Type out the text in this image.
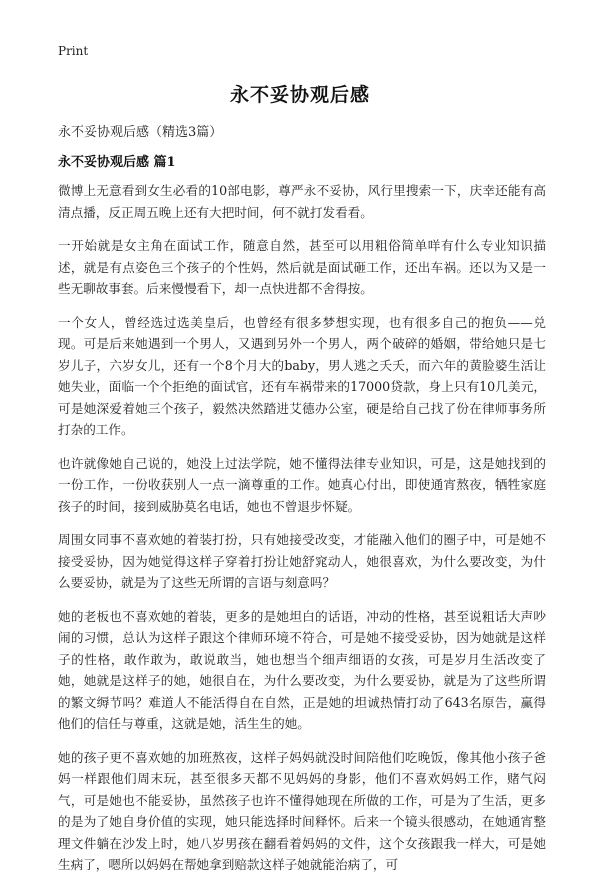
Print
永不妥协观后感
永不妥协观后感（精选3篇）
永不妥协观后感 篇1

微博上无意看到女生必看的10部电影，尊严永不妥协，风行里搜索一下，庆幸还能有高清点播，反正周五晚上还有大把时间，何不就打发看看。

一开始就是女主角在面试工作，随意自然，甚至可以用粗俗简单咩有什么专业知识描述，就是有点姿色三个孩子的个性妈，然后就是面试砸工作，还出车祸。还以为又是一些无聊故事套。后来慢慢看下，却一点快进都不舍得按。

一个女人，曾经选过选美皇后，也曾经有很多梦想实现，也有很多自己的抱负——兑现。可是后来她遇到一个男人，又遇到另外一个男人，两个破碎的婚姻，带给她只是七岁儿子，六岁女儿，还有一个8个月大的baby，男人逃之夭夭，而六年的黄脸婆生活让她失业，面临一个个拒绝的面试官，还有车祸带来的17000贷款，身上只有10几美元，可是她深爱着她三个孩子，毅然决然踏进艾德办公室，硬是给自己找了份在律师事务所打杂的工作。

也许就像她自己说的，她没上过法学院，她不懂得法律专业知识，可是，这是她找到的一份工作，一份收获别人一点一滴尊重的工作。她真心付出，即使通宵熬夜，牺牲家庭孩子的时间，接到威胁莫名电话，她也不曾退步怀疑。

周围女同事不喜欢她的着装打扮，只有她接受改变，才能融入他们的圈子中，可是她不接受妥协，因为她觉得这样子穿着打扮让她舒窕动人，她很喜欢，为什么要改变，为什么要妥协，就是为了这些无所谓的言语与刻意吗？

她的老板也不喜欢她的着装，更多的是她坦白的话语，冲动的性格，甚至说粗话大声吵闹的习惯，总认为这样子跟这个律师环境不符合，可是她不接受妥协，因为她就是这样子的性格，敢作敢为，敢说敢当，她也想当个细声细语的女孩，可是岁月生活改变了她，她就是这样子的她，她很自在，为什么要改变，为什么要妥协，就是为了这些所谓的繁文缛节吗？难道人不能活得自在自然，正是她的坦诚热情打动了643名原告，赢得他们的信任与尊重，这就是她，活生生的她。

她的孩子更不喜欢她的加班熬夜，这样子妈妈就没时间陪他们吃晚饭，像其他小孩子爸妈一样跟他们周末玩，甚至很多天都不见妈妈的身影，他们不喜欢妈妈工作，赌气闷气，可是她也不能妥协，虽然孩子也许不懂得她现在所做的工作，可是为了生活，更多的是为了她自身价值的实现，她只能选择时间释怀。后来一个镜头很感动，在她通宵整理文件躺在沙发上时，她八岁男孩在翻看着妈妈的文件，这个女孩跟我一样大，可是她生病了，嗯所以妈妈在帮她拿到赔款这样子她就能治病了，可
